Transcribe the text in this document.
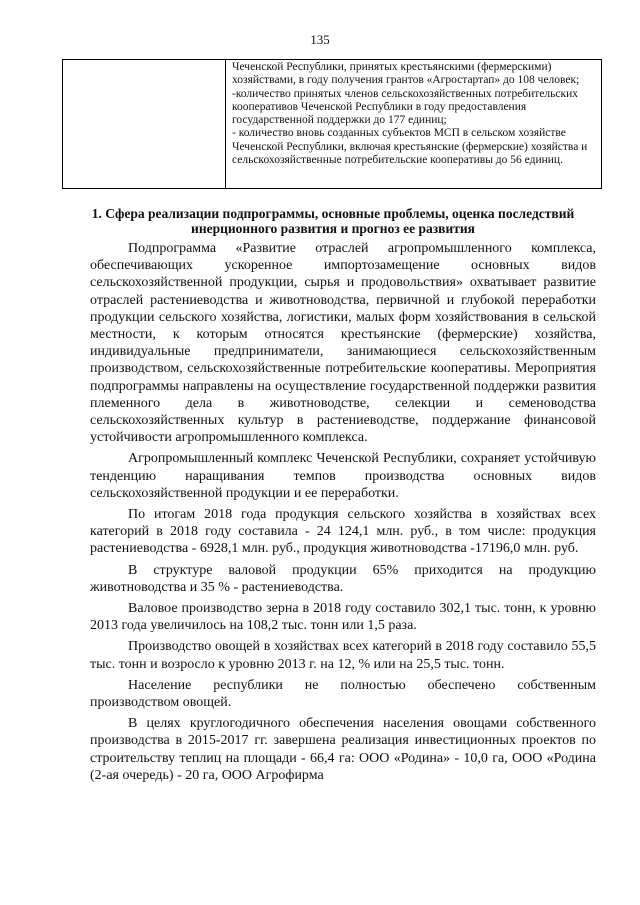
135
Чеченской Республики, принятых крестьянскими (фермерскими) хозяйствами, в году получения грантов «Агростартап» до 108 человек;
-количество принятых членов сельскохозяйственных потребительских кооперативов Чеченской Республики в году предоставления государственной поддержки до 177 единиц;
- количество вновь созданных субъектов МСП в сельском хозяйстве Чеченской Республики, включая крестьянские (фермерские) хозяйства и сельскохозяйственные потребительские кооперативы до 56 единиц.
1. Сфера реализации подпрограммы, основные проблемы, оценка последствий инерционного развития и прогноз ее развития

Подпрограмма «Развитие отраслей агропромышленного комплекса, обеспечивающих ускоренное импортозамещение основных видов сельскохозяйственной продукции, сырья и продовольствия» охватывает развитие отраслей растениеводства и животноводства, первичной и глубокой переработки продукции сельского хозяйства, логистики, малых форм хозяйствования в сельской местности, к которым относятся крестьянские (фермерские) хозяйства, индивидуальные предприниматели, занимающиеся сельскохозяйственным производством, сельскохозяйственные потребительские кооперативы. Мероприятия подпрограммы направлены на осуществление государственной поддержки развития племенного дела в животноводстве, селекции и семеноводства сельскохозяйственных культур в растениеводстве, поддержание финансовой устойчивости агропромышленного комплекса.

Агропромышленный комплекс Чеченской Республики, сохраняет устойчивую тенденцию наращивания темпов производства основных видов сельскохозяйственной продукции и ее переработки.

По итогам 2018 года продукция сельского хозяйства в хозяйствах всех категорий в 2018 году составила - 24 124,1 млн. руб., в том числе: продукция растениеводства - 6928,1 млн. руб., продукция животноводства -17196,0 млн. руб.

В структуре валовой продукции 65% приходится на продукцию животноводства и 35 % - растениеводства.

Валовое производство зерна в 2018 году составило 302,1 тыс. тонн, к уровню 2013 года увеличилось на 108,2 тыс. тонн или 1,5 раза.

Производство овощей в хозяйствах всех категорий в 2018 году составило 55,5 тыс. тонн и возросло к уровню 2013 г. на 12, % или на 25,5 тыс. тонн.

Население республики не полностью обеспечено собственным производством овощей.

В целях круглогодичного обеспечения населения овощами собственного производства в 2015-2017 гг. завершена реализация инвестиционных проектов по строительству теплиц на площади - 66,4 га: ООО «Родина» - 10,0 га, ООО «Родина (2-ая очередь) - 20 га, ООО Агрофирма
